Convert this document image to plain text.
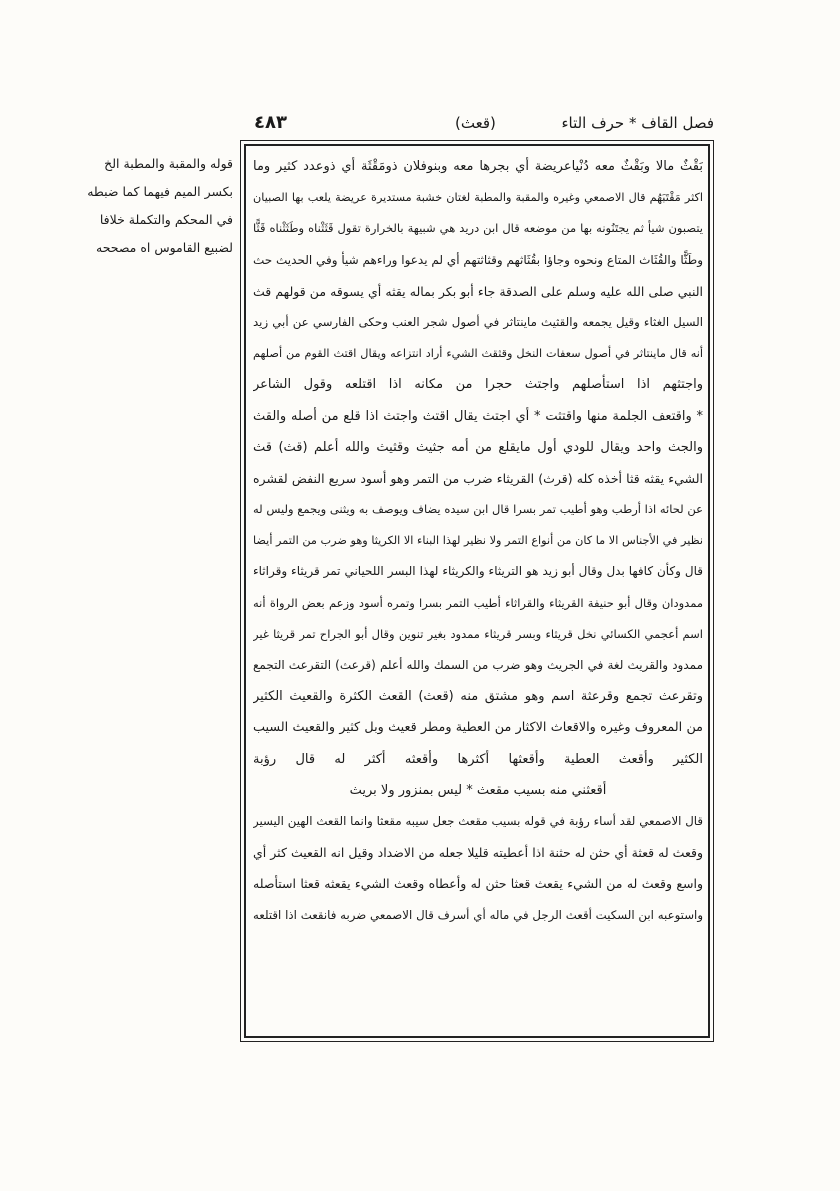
فصل القاف * حرف التاء
(قعث)
٤٨٣
قوله والمقبة والمطبة الخ
بكسر الميم فيهما كما ضبطه
في المحكم والتكملة خلافا
لضبيع القاموس اه مصححه
بَقْثٌ مالا وبَقْثٌ معه دُنْياعريضة أي بجرها معه وبنوفلان ذومَقْثَة أي ذوعدد كثير وما
اكثر مَقْتَبَهُم قال الاصمعي وغيره والمقبة والمطبة لغتان خشبة مستديرة عريضة يلعب بها الصبيان
يتصبون شيأ ثم يجتَنُونه بها من موضعه قال ابن دريد هي شبيهة بالخرارة تقول قَثَثْناه وطَثَثْناه قَثًّا
وطَثًّا والقُثَاث المتاع ونحوه وجاؤا بقُثَاثهم وقثاثتهم أي لم يدعوا وراءهم شيأ وفي الحديث حث
النبي صلى الله عليه وسلم على الصدقة جاء أبو بكر بماله يقثه أي يسوقه من قولهم قث
السيل الغثاء وقيل يجمعه والقثيث ماينتاثر في أصول شجر العنب وحكى الفارسي عن أبي زيد
أنه قال ماينتاثر في أصول سعفات النخل وقثقث الشيء أراد انتزاعه ويقال اقتث القوم من أصلهم
واجتثهم اذا استأصلهم واجتث حجرا من مكانه اذا اقتلعه وقول الشاعر
* واقتعف الجلمة منها واقتثت * أي اجتث يقال اقتث واجتث اذا قلع من أصله والقث
والجث واحد ويقال للودي أول مايقلع من أمه جثيث وقثيث والله أعلم (قث) قث
الشيء يقثه قثا أخذه كله (قرث) القريثاء ضرب من التمر وهو أسود سريع النفض لقشره
عن لحائه اذا أرطب وهو أطيب تمر بسرا قال ابن سيده يضاف ويوصف به ويثنى ويجمع وليس له
نظير في الأجناس الا ما كان من أنواع التمر ولا نظير لهذا البناء الا الكريثا وهو ضرب من التمر أيضا
قال وكأن كافها بدل وقال أبو زيد هو التريثاء والكريثاء لهذا البسر اللحياني تمر قريثاء وقراثاء
ممدودان وقال أبو حنيفة القريثاء والقراثاء أطيب التمر بسرا وتمره أسود وزعم بعض الرواة أنه
اسم أعجمي الكسائي نخل قريثاء وبسر قريثاء ممدود بغير تنوين وقال أبو الجراح تمر قريثا غير
ممدود والقريث لغة في الجريث وهو ضرب من السمك والله أعلم (قرعث) التقرعث التجمع
وتقرعث تجمع وقرعثة اسم وهو مشتق منه (قعث) القعث الكثرة والقعيث الكثير
من المعروف وغيره والاقعاث الاكثار من العطية ومطر قعيث وبل كثير والقعيث السيب
الكثير وأقعث العطية وأقعثها أكثرها وأقعثه أكثر له قال رؤبة
أقعثني منه بسيب مقعث * ليس بمنزور ولا بريث
قال الاصمعي لقد أساء رؤبة في قوله بسيب مقعث جعل سيبه مقعثا وانما القعث الهين اليسير
وقعث له قعثة أي حثن له حثنة اذا أعطيته قليلا جعله من الاضداد وقيل انه القعيث كثر أي
واسع وقعث له من الشيء يقعث قعثا حثن له وأعطاه وقعث الشيء يقعثه قعثا استأصله
واستوعبه ابن السكيت أقعث الرجل في ماله أي أسرف قال الاصمعي ضربه فانقعث اذا اقتلعه
